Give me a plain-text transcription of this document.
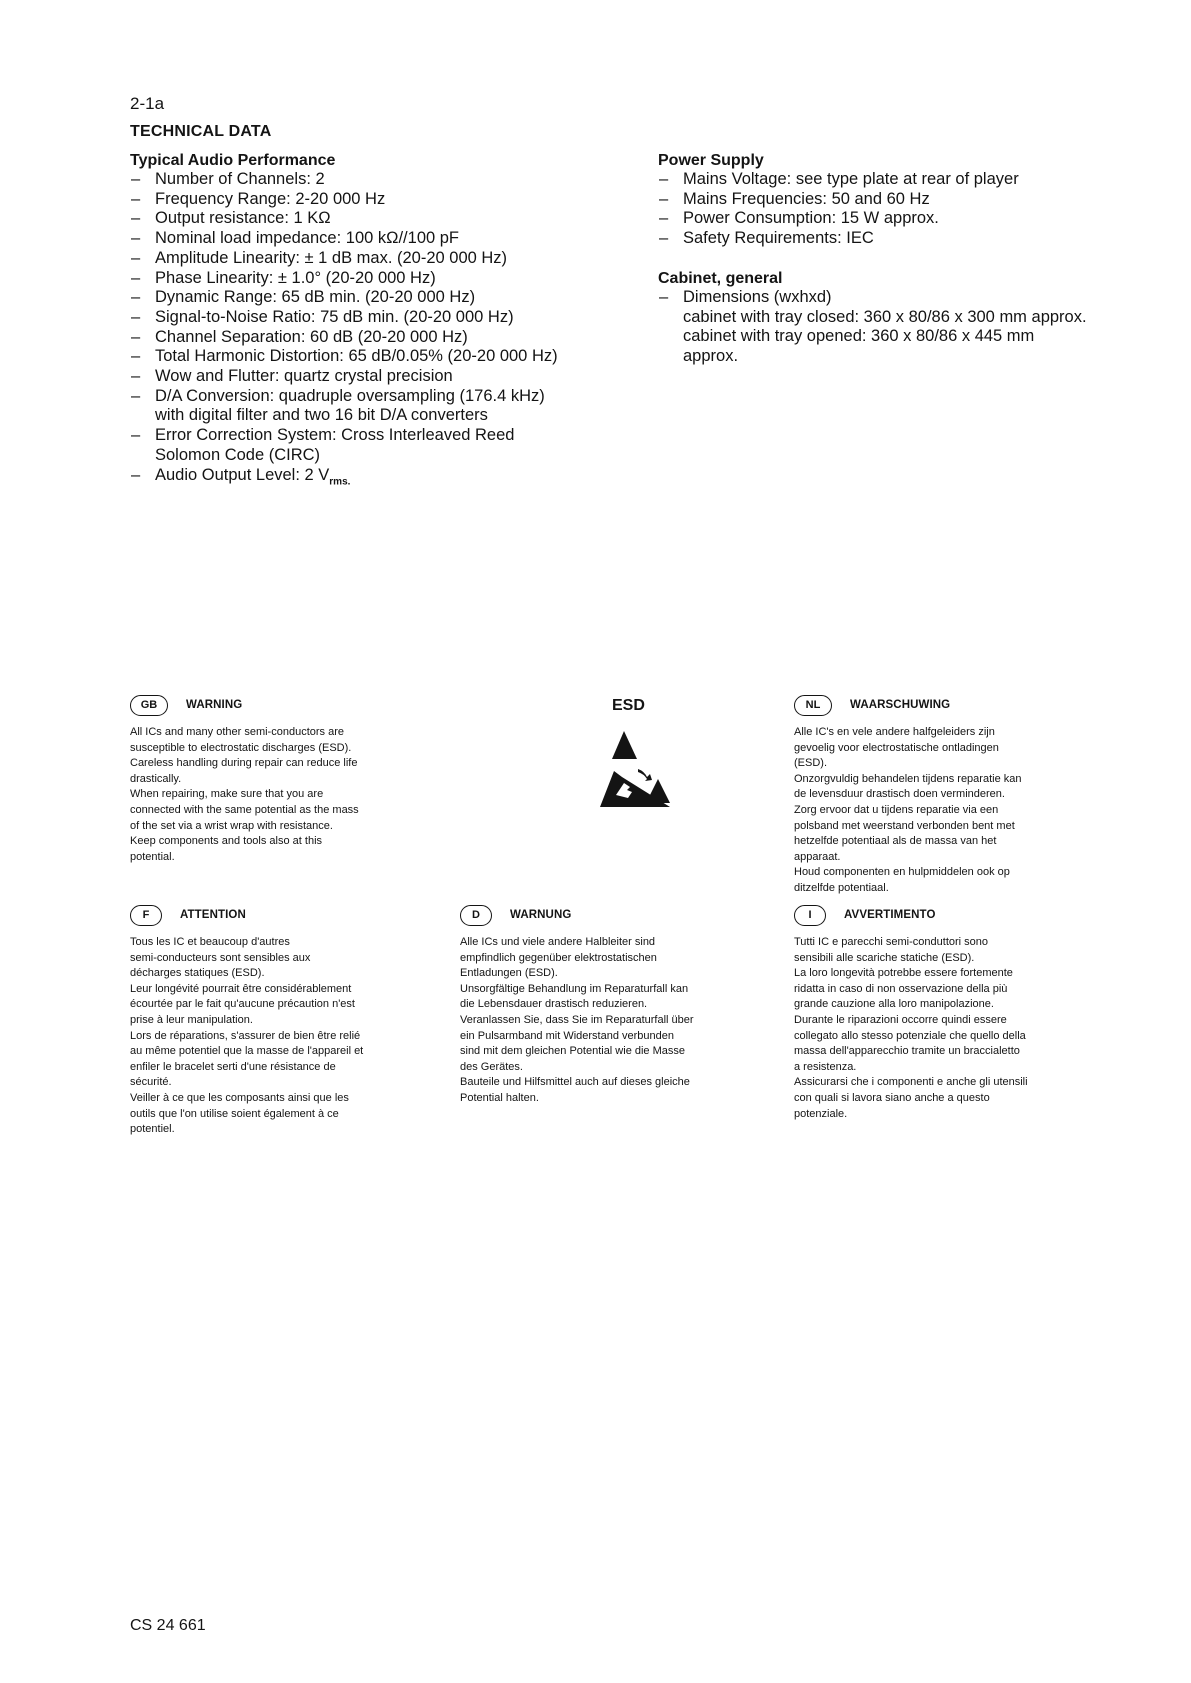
2-1a
TECHNICAL DATA
Typical Audio Performance
– Number of Channels: 2
– Frequency Range: 2-20 000 Hz
– Output resistance: 1 KΩ
– Nominal load impedance: 100 kΩ//100 pF
– Amplitude Linearity: ± 1 dB max. (20-20 000 Hz)
– Phase Linearity: ± 1.0° (20-20 000 Hz)
– Dynamic Range: 65 dB min. (20-20 000 Hz)
– Signal-to-Noise Ratio: 75 dB min. (20-20 000 Hz)
– Channel Separation: 60 dB (20-20 000 Hz)
– Total Harmonic Distortion: 65 dB/0.05% (20-20 000 Hz)
– Wow and Flutter: quartz crystal precision
– D/A Conversion: quadruple oversampling (176.4 kHz)
with digital filter and two 16 bit D/A converters
– Error Correction System: Cross Interleaved Reed
Solomon Code (CIRC)
– Audio Output Level: 2 $V_{rms.}$
Power Supply
– Mains Voltage: see type plate at rear of player
– Mains Frequencies: 50 and 60 Hz
– Power Consumption: 15 W approx.
– Safety Requirements: IEC
Cabinet, general
– Dimensions (wxhxd)
cabinet with tray closed: 360 x 80/86 x 300 mm approx.
cabinet with tray opened: 360 x 80/86 x 445 mm
approx.
GB	WARNING
All ICs and many other semi-conductors are
susceptible to electrostatic discharges (ESD).
Careless handling during repair can reduce life
drastically.
When repairing, make sure that you are
connected with the same potential as the mass
of the set via a wrist wrap with resistance.
Keep components and tools also at this
potential.
ESD	NL	WAARSCHUWING
Alle IC's en vele andere halfgeleiders zijn
gevoelig voor electrostatische ontladingen
(ESD).
Onzorgvuldig behandelen tijdens reparatie kan
de levensduur drastisch doen verminderen.
Zorg ervoor dat u tijdens reparatie via een
polsband met weerstand verbonden bent met
hetzelfde potentiaal als de massa van het
apparaat.
Houd componenten en hulpmiddelen ook op
ditzelfde potentiaal.
F	ATTENTION
Tous les IC et beaucoup d'autres
semi-conducteurs sont sensibles aux
décharges statiques (ESD).
Leur longévité pourrait être considérablement
écourtée par le fait qu'aucune précaution n'est
prise à leur manipulation.
Lors de réparations, s'assurer de bien être relié
au même potentiel que la masse de l'appareil et
enfiler le bracelet serti d'une résistance de
sécurité.
Veiller à ce que les composants ainsi que les
outils que l'on utilise soient également à ce
potentiel.
D	WARNUNG
Alle ICs und viele andere Halbleiter sind
empfindlich gegenüber elektrostatischen
Entladungen (ESD).
Unsorgfältige Behandlung im Reparaturfall kan
die Lebensdauer drastisch reduzieren.
Veranlassen Sie, dass Sie im Reparaturfall über
ein Pulsarmband mit Widerstand verbunden
sind mit dem gleichen Potential wie die Masse
des Gerätes.
Bauteile und Hilfsmittel auch auf dieses gleiche
Potential halten.
I	AVVERTIMENTO
Tutti IC e parecchi semi-conduttori sono
sensibili alle scariche statiche (ESD).
La loro longevità potrebbe essere fortemente
ridatta in caso di non osservazione della più
grande cauzione alla loro manipolazione.
Durante le riparazioni occorre quindi essere
collegato allo stesso potenziale che quello della
massa dell'apparecchio tramite un braccialetto
a resistenza.
Assicurarsi che i componenti e anche gli utensili
con quali si lavora siano anche a questo
potenziale.
CS 24 661
